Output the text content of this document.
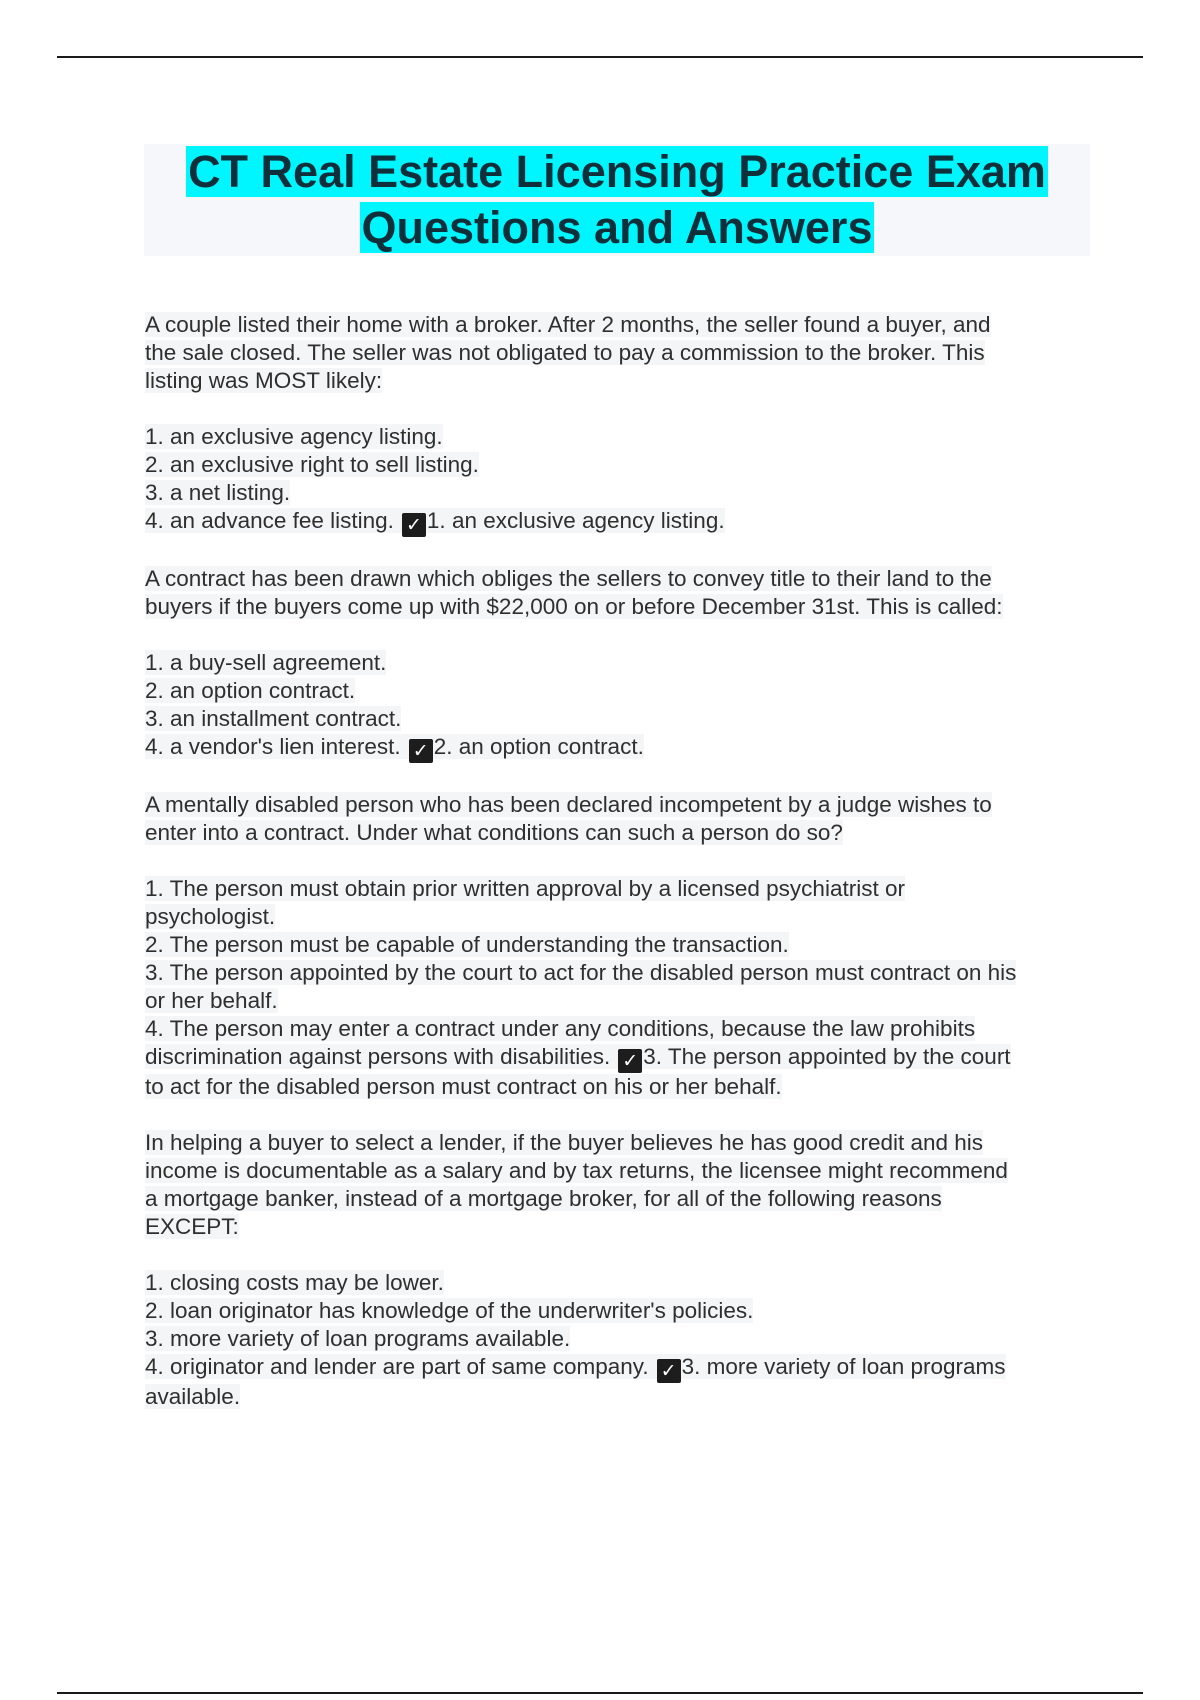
CT Real Estate Licensing Practice Exam

Questions and Answers

A couple listed their home with a broker. After 2 months, the seller found a buyer, and
the sale closed. The seller was not obligated to pay a commission to the broker. This
listing was MOST likely:

1. an exclusive agency listing.
2. an exclusive right to sell listing.
3. a net listing.
4. an advance fee listing. ✓ 1. an exclusive agency listing.

A contract has been drawn which obliges the sellers to convey title to their land to the
buyers if the buyers come up with $22,000 on or before December 31st. This is called:

1. a buy-sell agreement.
2. an option contract.
3. an installment contract.
4. a vendor's lien interest. ✓ 2. an option contract.

A mentally disabled person who has been declared incompetent by a judge wishes to
enter into a contract. Under what conditions can such a person do so?

1. The person must obtain prior written approval by a licensed psychiatrist or
psychologist.
2. The person must be capable of understanding the transaction.
3. The person appointed by the court to act for the disabled person must contract on his
or her behalf.
4. The person may enter a contract under any conditions, because the law prohibits
discrimination against persons with disabilities. ✓ 3. The person appointed by the court
to act for the disabled person must contract on his or her behalf.

In helping a buyer to select a lender, if the buyer believes he has good credit and his
income is documentable as a salary and by tax returns, the licensee might recommend
a mortgage banker, instead of a mortgage broker, for all of the following reasons
EXCEPT:

1. closing costs may be lower.
2. loan originator has knowledge of the underwriter's policies.
3. more variety of loan programs available.
4. originator and lender are part of same company. ✓ 3. more variety of loan programs
available.
